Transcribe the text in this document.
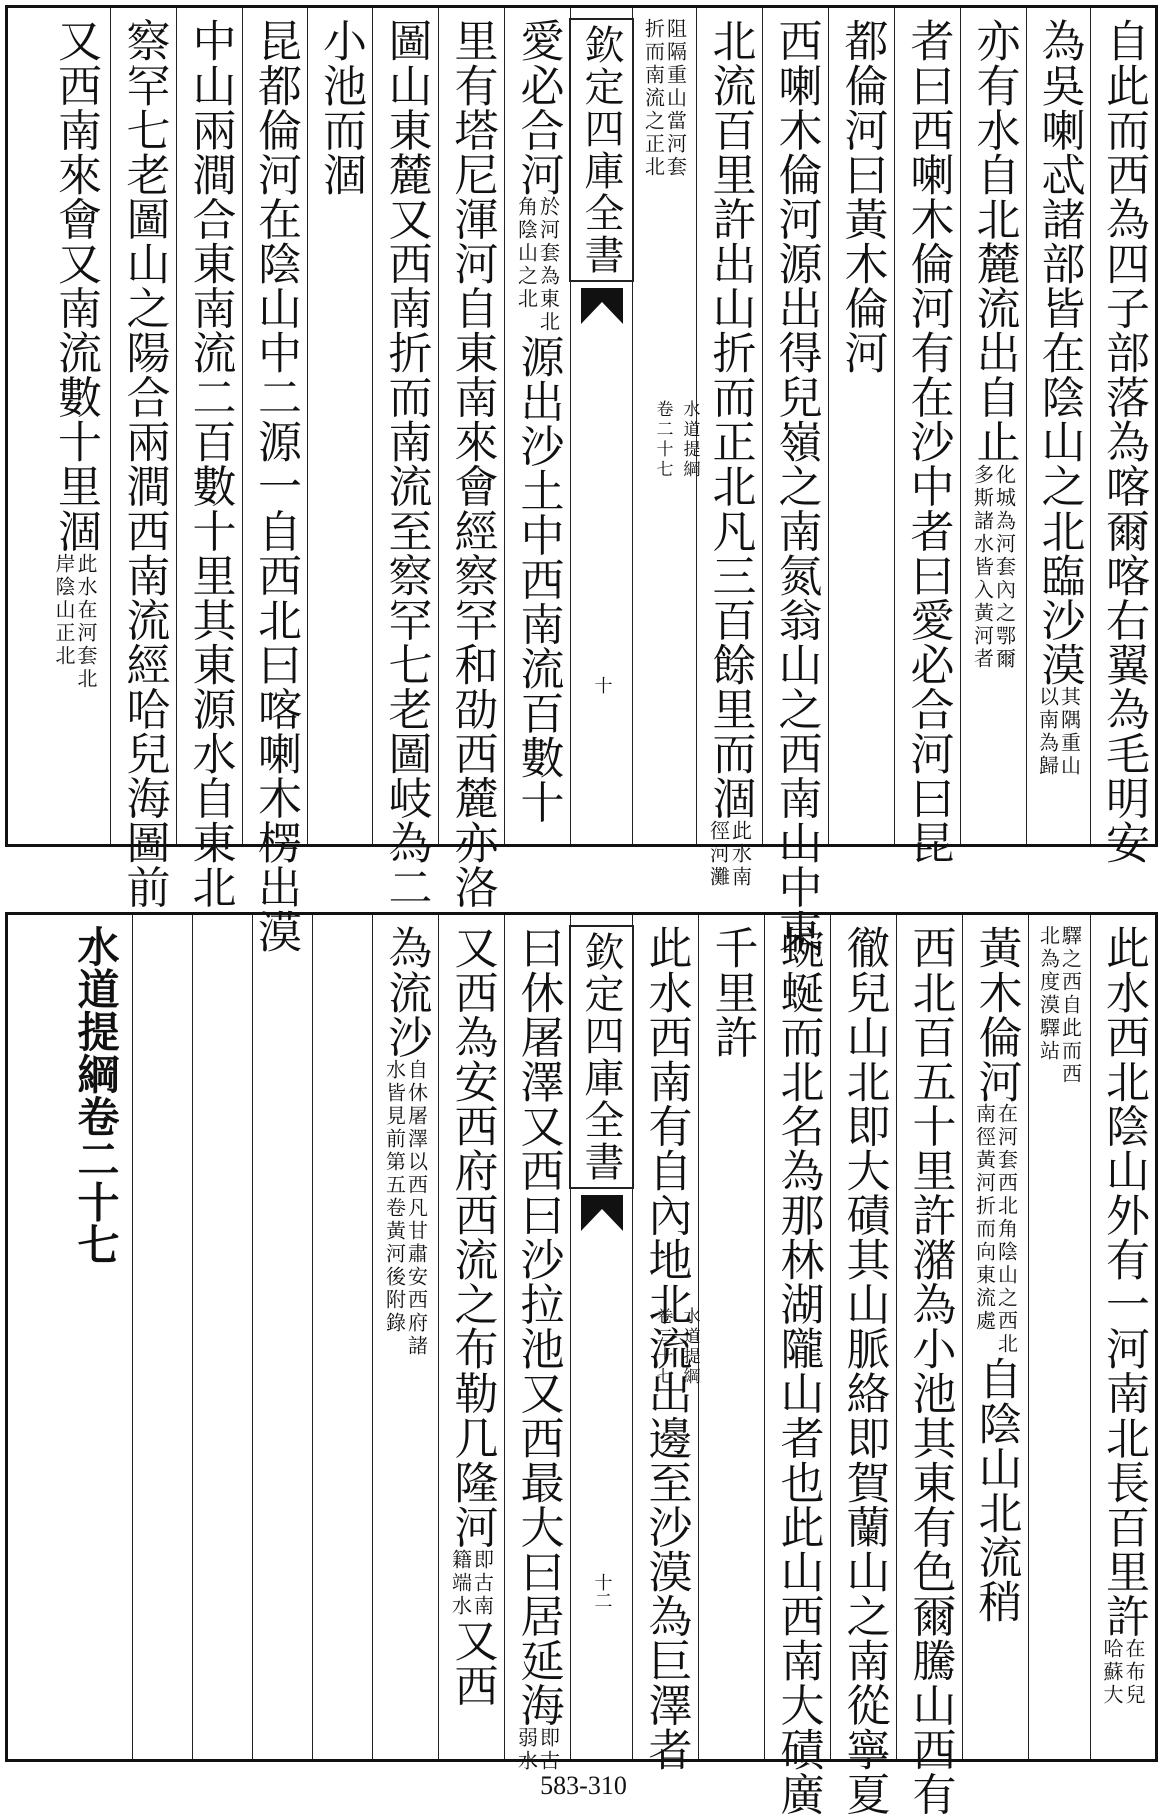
自此而西為四子部落為喀爾喀右翼為毛明安
為吳喇忒諸部皆在陰山之北臨沙漠
其隅重山
以南為歸
亦有水自北麓流出自止
化城為河套內之鄂爾
多斯諸水皆入黃河者
者曰西喇木倫河有在沙中者曰愛必合河曰昆
都倫河曰黃木倫河
西喇木倫河源出得兒嶺之南氮翁山之西南山中東
北流百里許出山折而正北凡三百餘里而涸
此水南
徑河灘
阻隔重山當河套
折而南流之正北
欽定四庫全書
水道提綱
卷二十七
十
愛必合河
於河套為東北
角陰山之北
源出沙土中西南流百數十
里有塔尼渾河自東南來會經察罕和劭西麓亦洛
圖山東麓又西南折而南流至察罕七老圖岐為二
小池而涸
昆都倫河在陰山中二源一自西北曰喀喇木楞出漠
中山兩澗合東南流二百數十里其東源水自東北
察罕七老圖山之陽合兩澗西南流經哈兒海圖前
又西南來會又南流數十里涸
此水在河套北
岸陰山正北
此水西北陰山外有一河南北長百里許
在布兒
哈蘇大
驛之西自此而西
北為度漠驛站
黃木倫河
在河套西北角陰山之西北
南徑黃河折而向東流處
自陰山北流稍
西北百五十里許潴為小池其東有色爾騰山西有
徹兒山北即大磧其山脈絡即賀蘭山之南從寧夏
蜿蜒而北名為那林湖隴山者也此山西南大磧廣
千里許
此水西南有自內地北流出邊至沙漠為巨澤者
欽定四庫全書
水道提綱
卷二十七
十二
曰休屠澤又西曰沙拉池又西最大曰居延海
即古
弱水
又西為安西府西流之布勒几隆河
即古南
籍端水
又西
為流沙
自休屠澤以西凡甘肅安西府諸
水皆見前第五卷黃河後附錄
水道提綱卷二十七
583-310
